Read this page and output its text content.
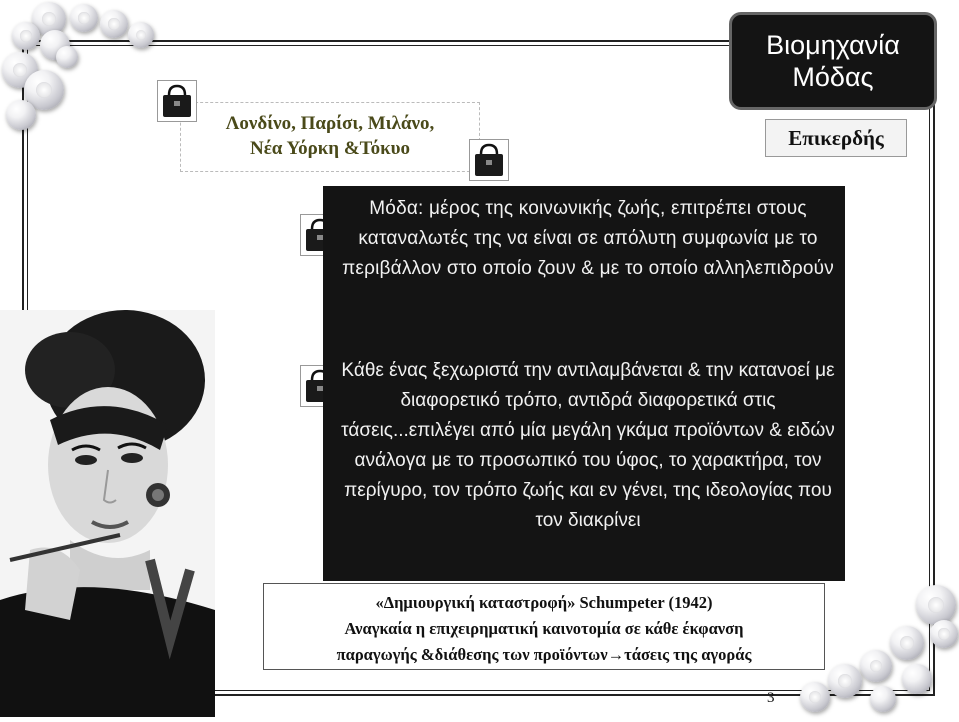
Βιομηχανία Μόδας
Επικερδής
Λονδίνο, Παρίσι, Μιλάνο,
Νέα Υόρκη &Τόκυο
Μόδα: μέρος της κοινωνικής ζωής, επιτρέπει στους καταναλωτές της να είναι σε απόλυτη συμφωνία με το περιβάλλον στο οποίο ζουν & με το οποίο αλληλεπιδρούν
Κάθε ένας ξεχωριστά την αντιλαμβάνεται & την κατανοεί με διαφορετικό τρόπο, αντιδρά διαφορετικά στις τάσεις...επιλέγει από μία μεγάλη γκάμα προϊόντων & ειδών ανάλογα με το προσωπικό του ύφος, το χαρακτήρα, τον περίγυρο, τον τρόπο ζωής και εν γένει, της ιδεολογίας που τον διακρίνει
«Δημιουργική καταστροφή» Schumpeter (1942)
Αναγκαία η επιχειρηματική καινοτομία σε κάθε έκφανση
παραγωγής &διάθεσης των προϊόντων→τάσεις της αγοράς
3
